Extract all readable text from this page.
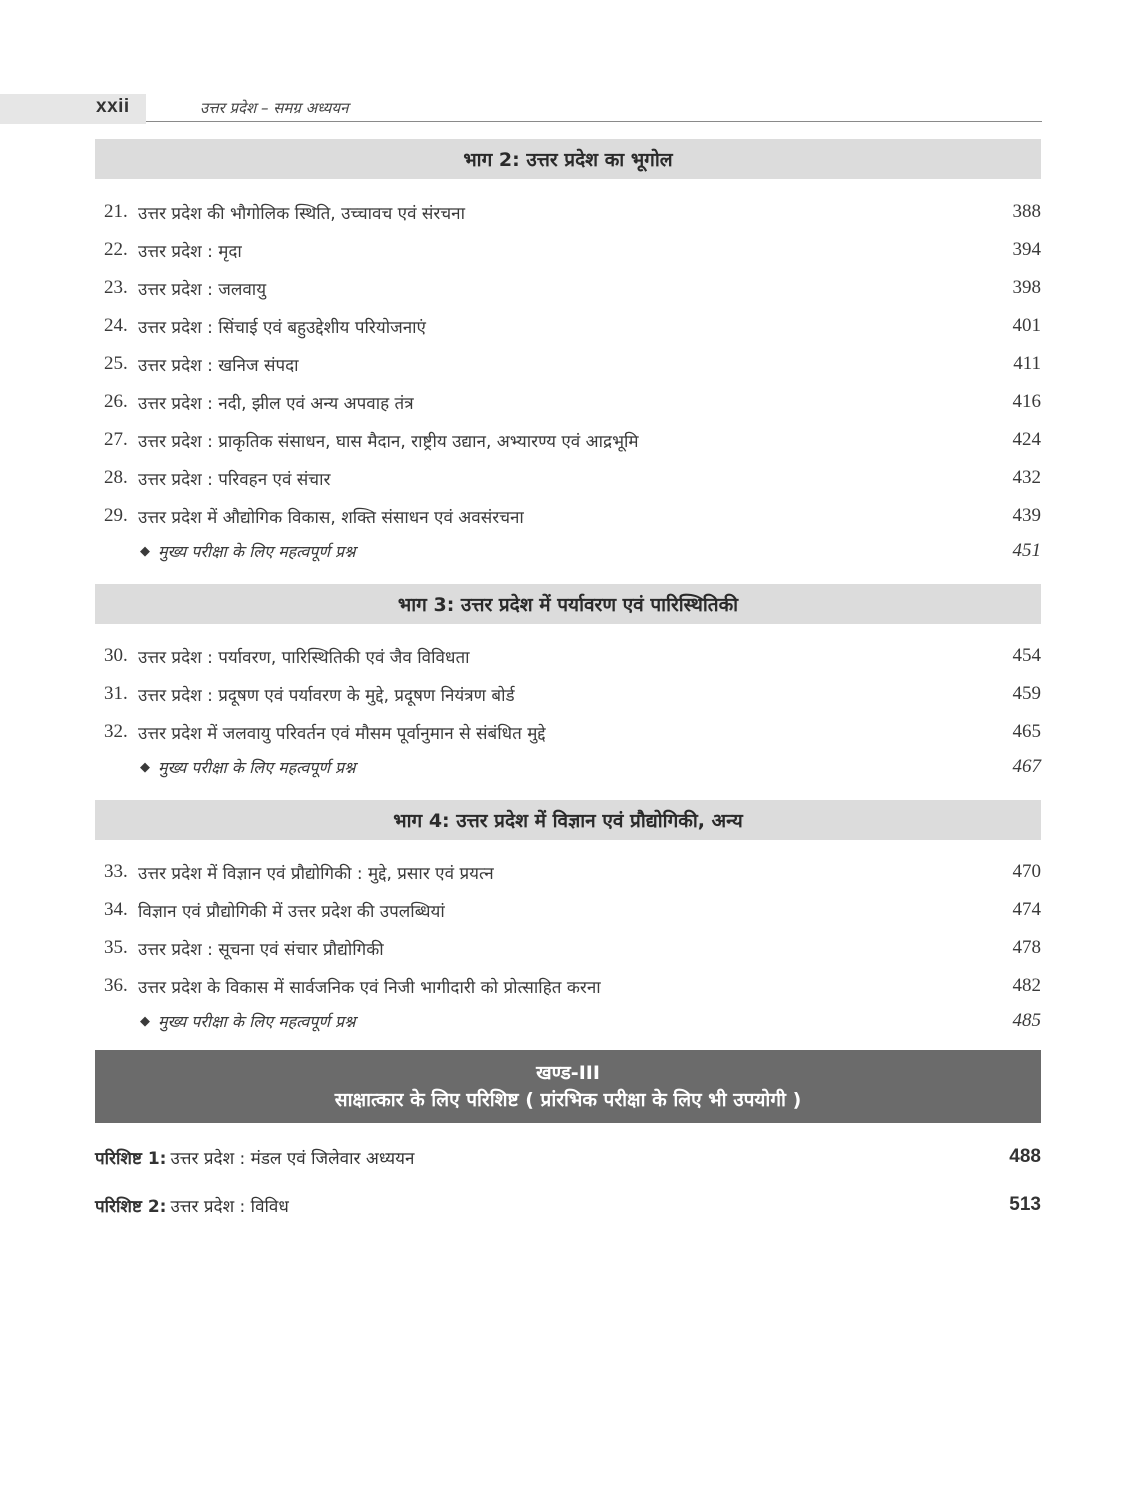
xxii	उत्तर प्रदेश – समग्र अध्ययन
भाग 2: उत्तर प्रदेश का भूगोल
21. उत्तर प्रदेश की भौगोलिक स्थिति, उच्चावच एवं संरचना	388
22. उत्तर प्रदेश : मृदा	394
23. उत्तर प्रदेश : जलवायु	398
24. उत्तर प्रदेश : सिंचाई एवं बहुउद्देशीय परियोजनाएं	401
25. उत्तर प्रदेश : खनिज संपदा	411
26. उत्तर प्रदेश : नदी, झील एवं अन्य अपवाह तंत्र	416
27. उत्तर प्रदेश : प्राकृतिक संसाधन, घास मैदान, राष्ट्रीय उद्यान, अभ्यारण्य एवं आद्रभूमि	424
28. उत्तर प्रदेश : परिवहन एवं संचार	432
29. उत्तर प्रदेश में औद्योगिक विकास, शक्ति संसाधन एवं अवसंरचना	439
◆ मुख्य परीक्षा के लिए महत्वपूर्ण प्रश्न	451
भाग 3: उत्तर प्रदेश में पर्यावरण एवं पारिस्थितिकी
30. उत्तर प्रदेश : पर्यावरण, पारिस्थितिकी एवं जैव विविधता	454
31. उत्तर प्रदेश : प्रदूषण एवं पर्यावरण के मुद्दे, प्रदूषण नियंत्रण बोर्ड	459
32. उत्तर प्रदेश में जलवायु परिवर्तन एवं मौसम पूर्वानुमान से संबंधित मुद्दे	465
◆ मुख्य परीक्षा के लिए महत्वपूर्ण प्रश्न	467
भाग 4: उत्तर प्रदेश में विज्ञान एवं प्रौद्योगिकी, अन्य
33. उत्तर प्रदेश में विज्ञान एवं प्रौद्योगिकी : मुद्दे, प्रसार एवं प्रयत्न	470
34. विज्ञान एवं प्रौद्योगिकी में उत्तर प्रदेश की उपलब्धियां	474
35. उत्तर प्रदेश : सूचना एवं संचार प्रौद्योगिकी	478
36. उत्तर प्रदेश के विकास में सार्वजनिक एवं निजी भागीदारी को प्रोत्साहित करना	482
◆ मुख्य परीक्षा के लिए महत्वपूर्ण प्रश्न	485
खण्ड-III
साक्षात्कार के लिए परिशिष्ट ( प्रांरभिक परीक्षा के लिए भी उपयोगी )
परिशिष्ट 1: उत्तर प्रदेश : मंडल एवं जिलेवार अध्ययन	488
परिशिष्ट 2: उत्तर प्रदेश : विविध	513
